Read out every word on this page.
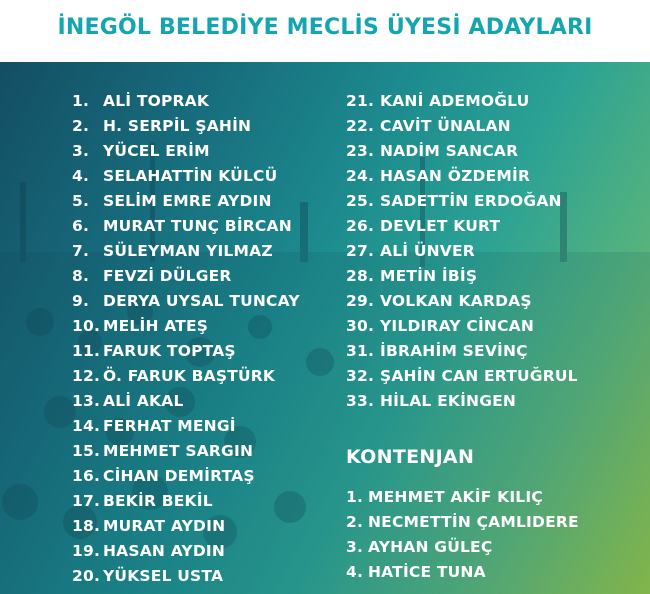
İNEGÖL BELEDİYE MECLİS ÜYESİ ADAYLARI
1. ALİ TOPRAK
2. H. SERPİL ŞAHİN
3. YÜCEL ERİM
4. SELAHATTİN KÜLCÜ
5. SELİM EMRE AYDIN
6. MURAT TUNÇ BİRCAN
7. SÜLEYMAN YILMAZ
8. FEVZİ DÜLGER
9. DERYA UYSAL TUNCAY
10. MELİH ATEŞ
11. FARUK TOPTAŞ
12. Ö. FARUK BAŞTÜRK
13. ALİ AKAL
14. FERHAT MENGİ
15. MEHMET SARGIN
16. CİHAN DEMİRTAŞ
17. BEKİR BEKİL
18. MURAT AYDIN
19. HASAN AYDIN
20. YÜKSEL USTA
21. KANİ ADEMOĞLU
22. CAVİT ÜNALAN
23. NADİM SANCAR
24. HASAN ÖZDEMİR
25. SADETTİN ERDOĞAN
26. DEVLET KURT
27. ALİ ÜNVER
28. METİN İBİŞ
29. VOLKAN KARDAŞ
30. YILDIRAY CİNCAN
31. İBRAHİM SEVİNÇ
32. ŞAHİN CAN ERTUĞRUL
33. HİLAL EKİNGEN
KONTENJAN
1. MEHMET AKİF KILIÇ
2. NECMETTİN ÇAMLIDERE
3. AYHAN GÜLEÇ
4. HATİCE TUNA
